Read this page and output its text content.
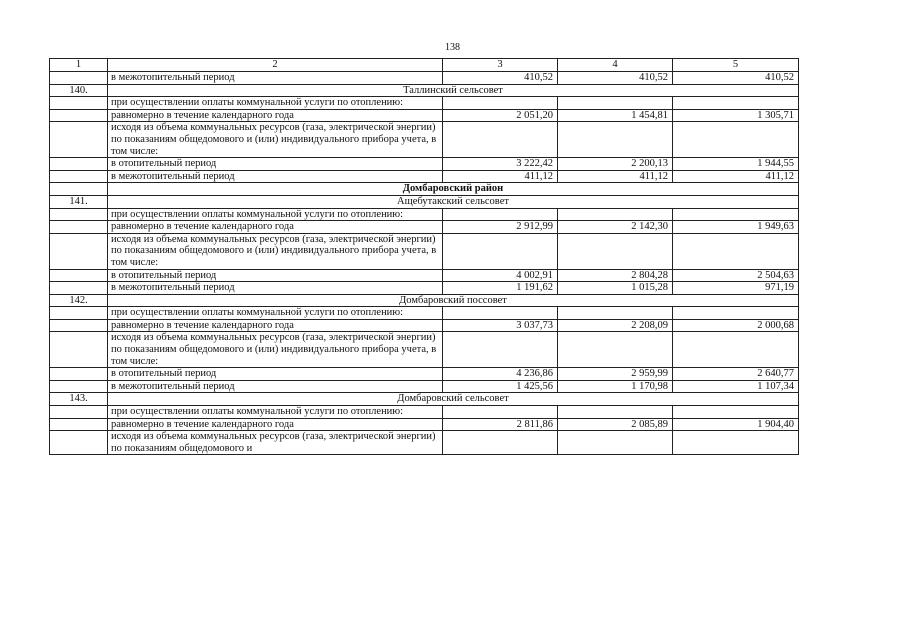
138
1	2	3	4	5
	в межотопительный период	410,52	410,52	410,52
140.	Таллинский сельсовет			
	при осуществлении оплаты коммунальной услуги по отоплению:			
	равномерно в течение календарного года	2 051,20	1 454,81	1 305,71
	исходя из объема коммунальных ресурсов (газа, электрической энергии) по показаниям общедомового и (или) индивидуального прибора учета, в том числе:			
	в отопительный период	3 222,42	2 200,13	1 944,55
	в межотопительный период	411,12	411,12	411,12
	Домбаровский район			
141.	Ащебутакский сельсовет			
	при осуществлении оплаты коммунальной услуги по отоплению:			
	равномерно в течение календарного года	2 912,99	2 142,30	1 949,63
	исходя из объема коммунальных ресурсов (газа, электрической энергии) по показаниям общедомового и (или) индивидуального прибора учета, в том числе:			
	в отопительный период	4 002,91	2 804,28	2 504,63
	в межотопительный период	1 191,62	1 015,28	971,19
142.	Домбаровский поссовет			
	при осуществлении оплаты коммунальной услуги по отоплению:			
	равномерно в течение календарного года	3 037,73	2 208,09	2 000,68
	исходя из объема коммунальных ресурсов (газа, электрической энергии) по показаниям общедомового и (или) индивидуального прибора учета, в том числе:			
	в отопительный период	4 236,86	2 959,99	2 640,77
	в межотопительный период	1 425,56	1 170,98	1 107,34
143.	Домбаровский сельсовет			
	при осуществлении оплаты коммунальной услуги по отоплению:			
	равномерно в течение календарного года	2 811,86	2 085,89	1 904,40
	исходя из объема коммунальных ресурсов (газа, электрической энергии) по показаниям общедомового и			
